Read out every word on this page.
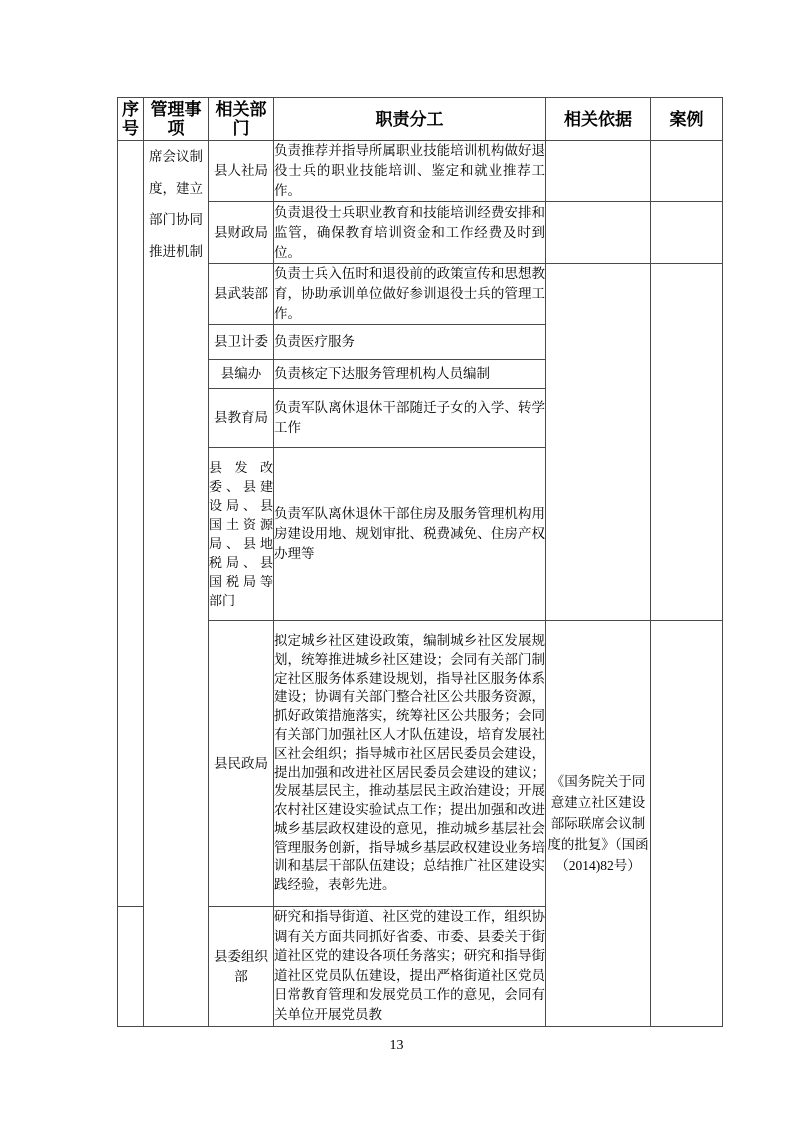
序号	管理事项	相关部门	职责分工	相关依据	案例
	席会议制度，建立部门协同推进机制	县人社局	负责推荐并指导所属职业技能培训机构做好退役士兵的职业技能培训、鉴定和就业推荐工作。		
		县财政局	负责退役士兵职业教育和技能培训经费安排和监管，确保教育培训资金和工作经费及时到位。		
		县武装部	负责士兵入伍时和退役前的政策宣传和思想教育，协助承训单位做好参训退役士兵的管理工作。		
		县卫计委	负责医疗服务		
		县编办	负责核定下达服务管理机构人员编制		
		县教育局	负责军队离休退休干部随迁子女的入学、转学工作		

		县发改委、县建设局、县国土资源局、县地税局、县国税局等部门	负责军队离休退休干部住房及服务管理机构用房建设用地、规划审批、税费减免、住房产权办理等		
		县民政局	拟定城乡社区建设政策，编制城乡社区发展规划，统筹推进城乡社区建设；会同有关部门制定社区服务体系建设规划，指导社区服务体系建设；协调有关部门整合社区公共服务资源，抓好政策措施落实，统筹社区公共服务；会同有关部门加强社区人才队伍建设，培育发展社区社会组织；指导城市社区居民委员会建设，提出加强和改进社区居民委员会建设的建议；发展基层民主，推动基层民主政治建设；开展农村社区建设实验试点工作；提出加强和改进城乡基层政权建设的意见，推动城乡基层社会管理服务创新，指导城乡基层政权建设业务培训和基层干部队伍建设；总结推广社区建设实践经验，表彰先进。	《国务院关于同意建立社区建设部际联席会议制度的批复》（国函（2014)82号）	
		县委组织部	研究和指导街道、社区党的建设工作，组织协调有关方面共同抓好省委、市委、县委关于街道社区党的建设各项任务落实；研究和指导街道社区党员队伍建设，提出严格街道社区党员日常教育管理和发展党员工作的意见，会同有关单位开展党员教		
13
